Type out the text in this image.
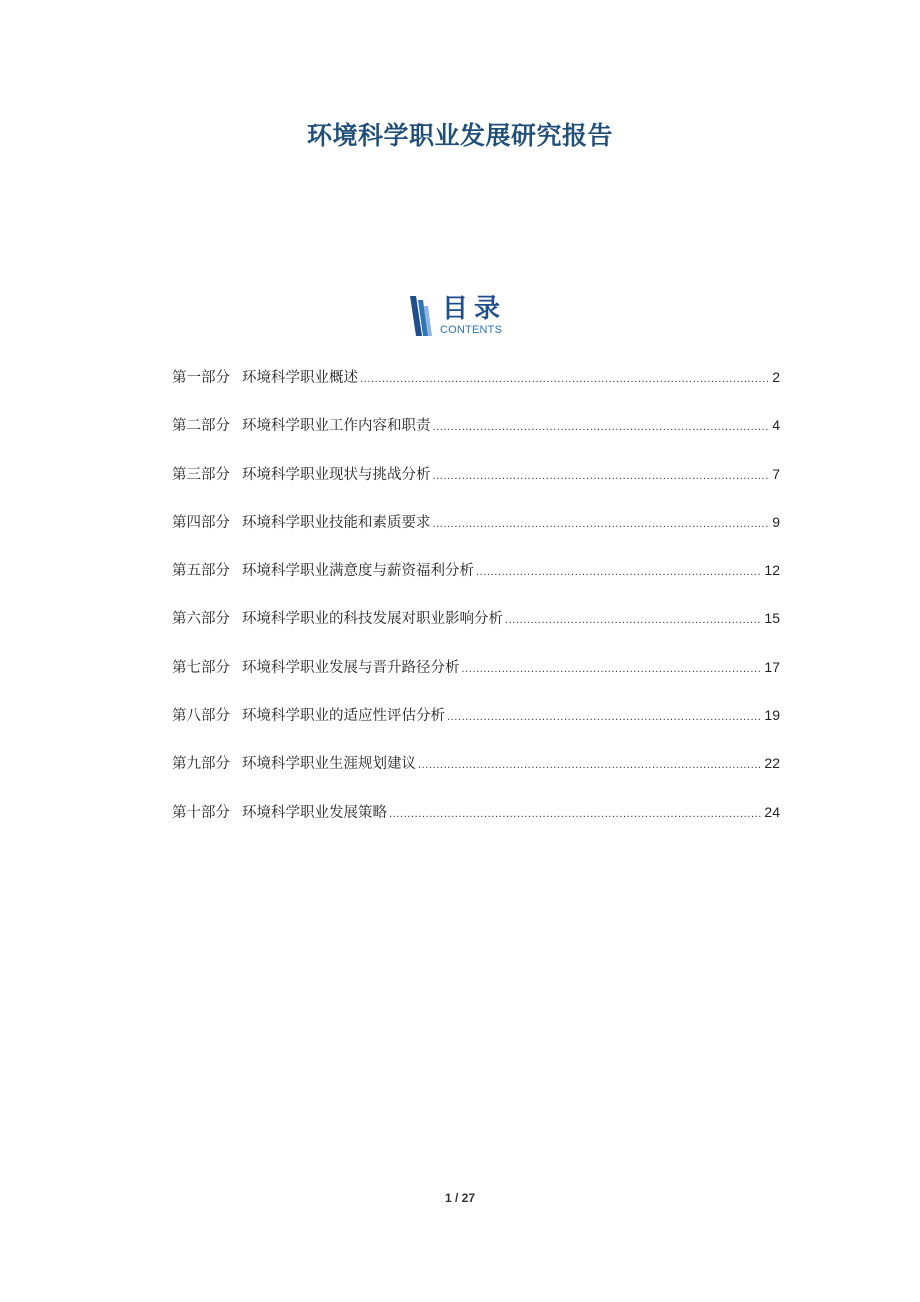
环境科学职业发展研究报告
目录
CONTENTS
第一部分 环境科学职业概述 .....	2
第二部分 环境科学职业工作内容和职责 .....	4
第三部分 环境科学职业现状与挑战分析 .....	7
第四部分 环境科学职业技能和素质要求 .....	9
第五部分 环境科学职业满意度与薪资福利分析 .....	12
第六部分 环境科学职业的科技发展对职业影响分析 .....	15
第七部分 环境科学职业发展与晋升路径分析 .....	17
第八部分 环境科学职业的适应性评估分析 .....	19
第九部分 环境科学职业生涯规划建议 .....	22
第十部分 环境科学职业发展策略 .....	24
1 / 27
